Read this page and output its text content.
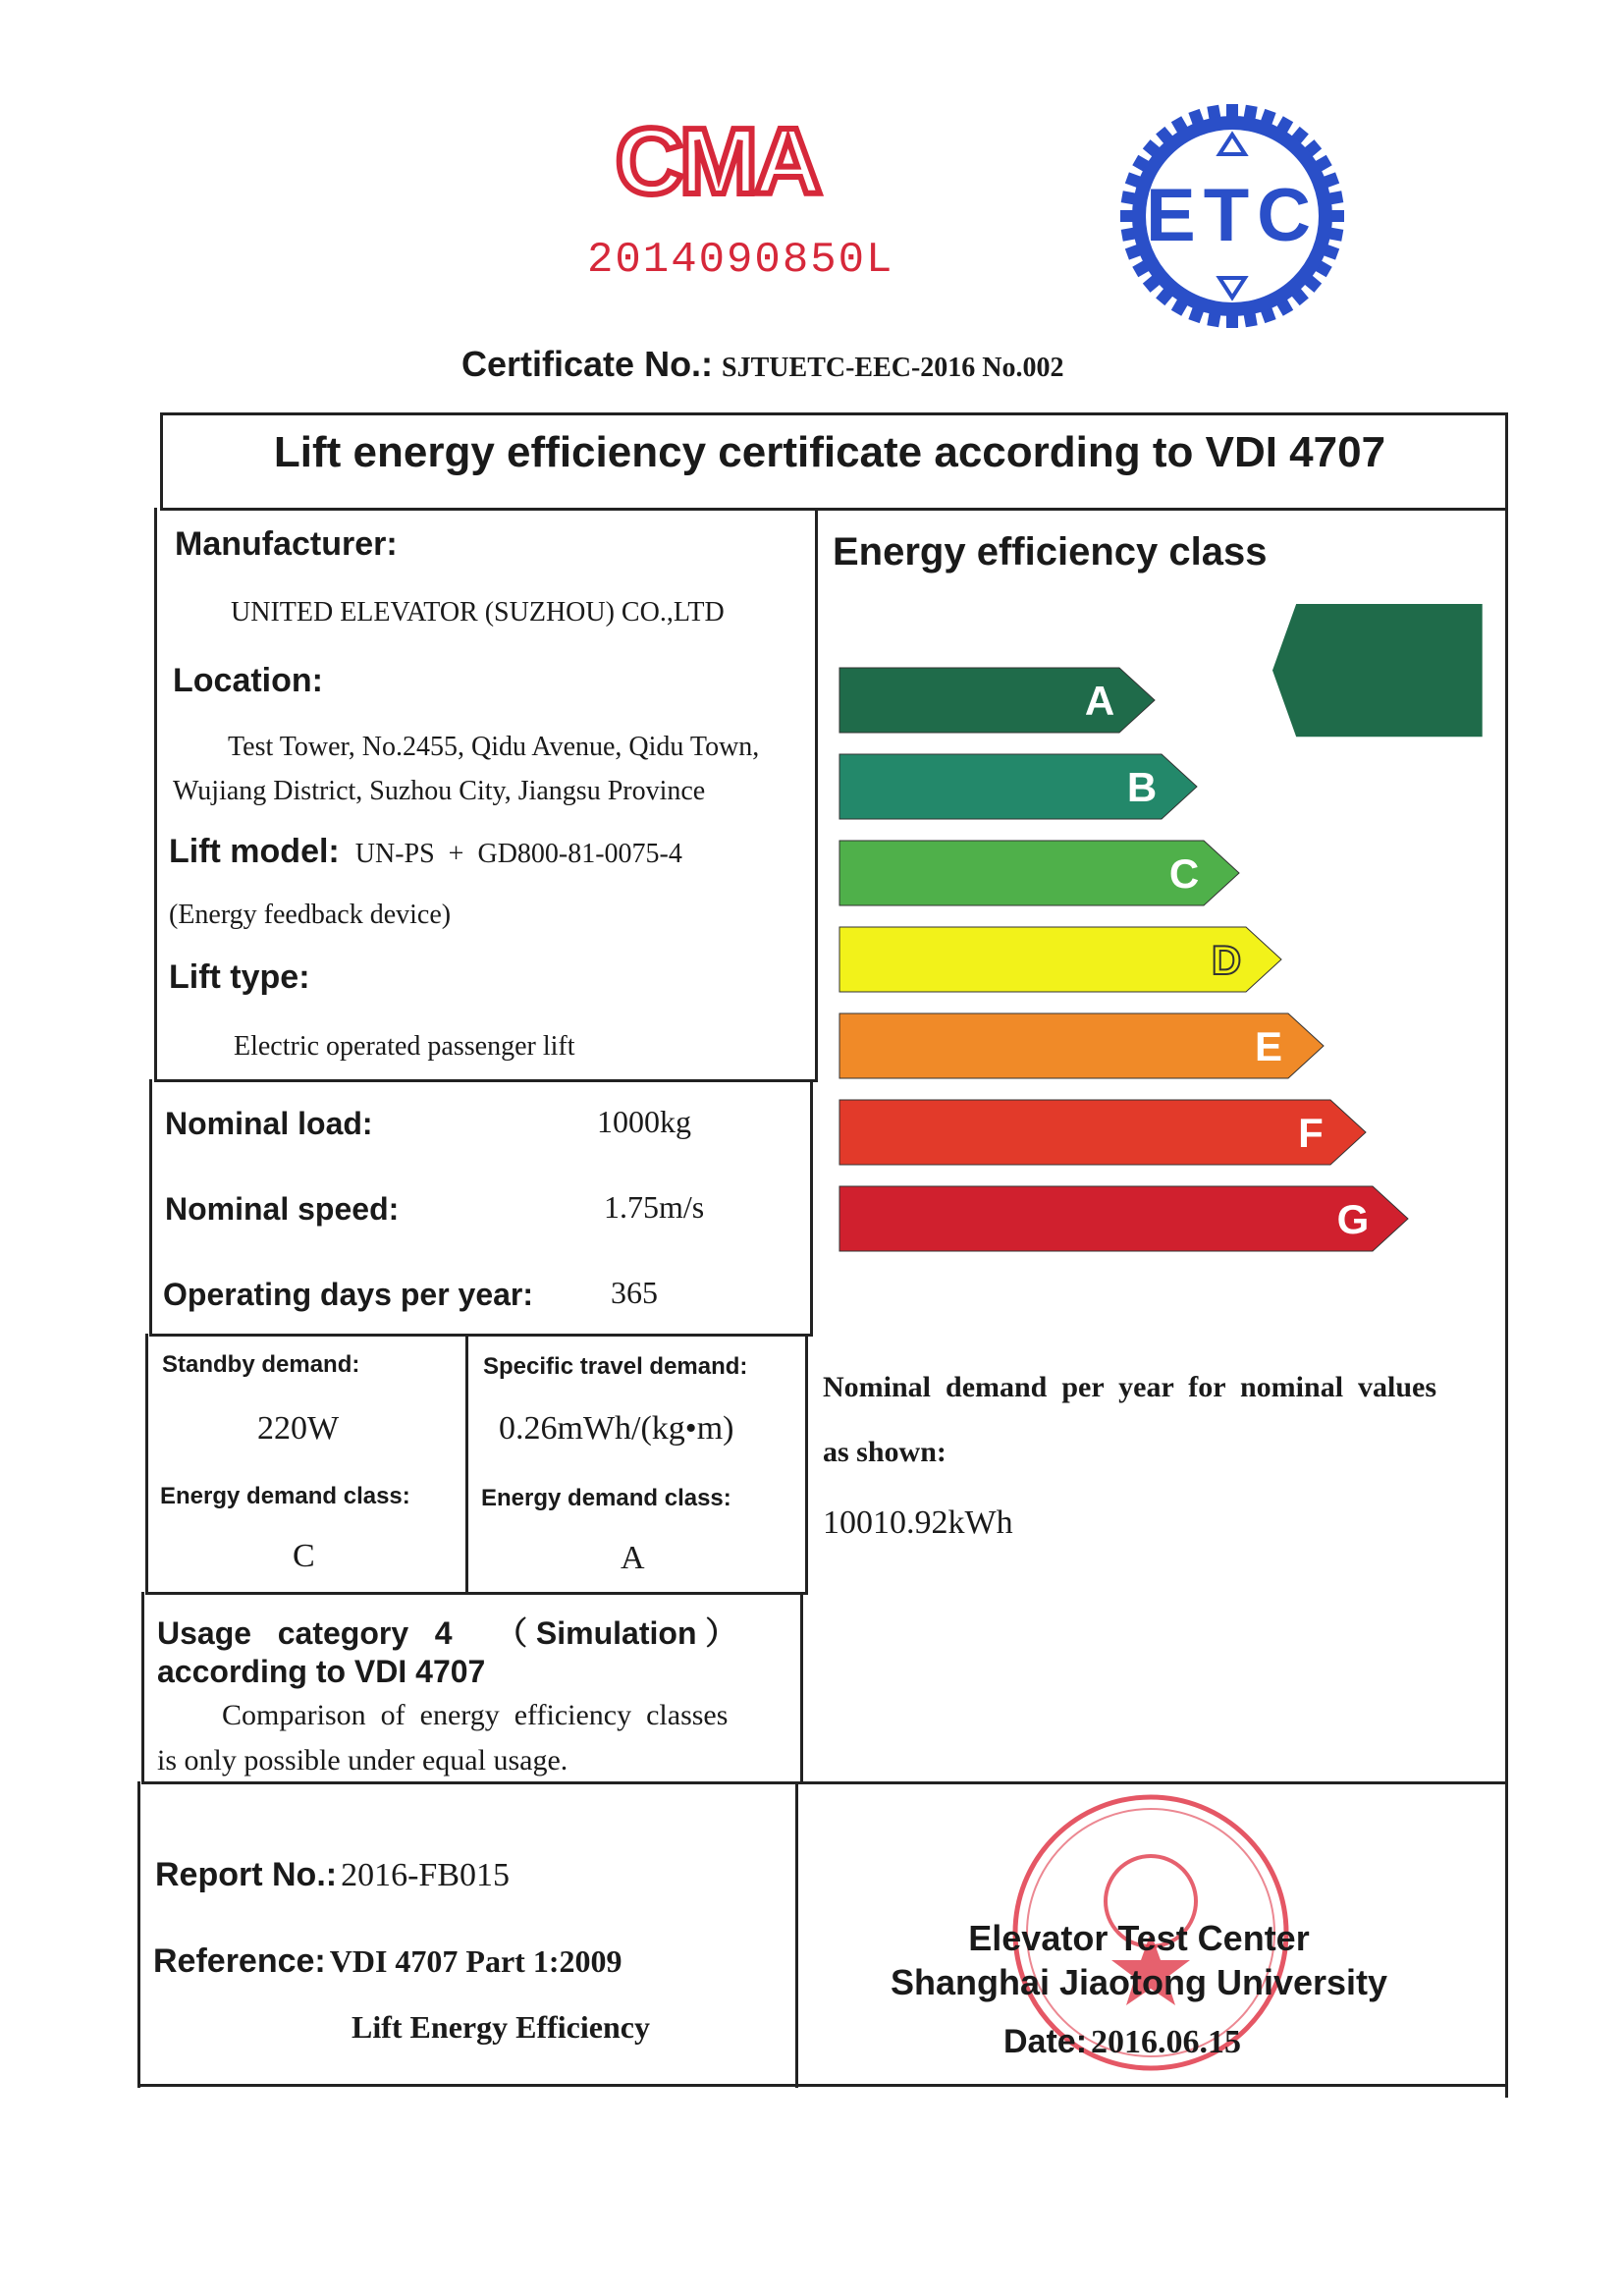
CMA
2014090850L
ETC
Certificate No.: SJTUETC-EEC-2016 No.002
Lift energy efficiency certificate according to VDI 4707
Manufacturer:
UNITED ELEVATOR (SUZHOU) CO.,LTD
Location:
Test Tower, No.2455, Qidu Avenue, Qidu Town,
Wujiang District, Suzhou City, Jiangsu Province
Lift model: UN-PS  +  GD800-81-0075-4
(Energy feedback device)
Lift type:
Electric operated passenger lift
Nominal load:	1000kg
Nominal speed:	1.75m/s
Operating days per year: 365
Standby demand:
220W
Energy demand class:
C
Specific travel demand:
0.26mWh/(kg•m)
Energy demand class:
A
Usage   category   4     （ Simulation ）
according to VDI 4707
Comparison  of  energy  efficiency  classes
is only possible under equal usage.
Energy efficiency class
A
B
C
D
E
F
G
A
Nominal  demand  per  year  for  nominal  values
as shown:
10010.92kWh
Report No.: 2016-FB015
Reference: VDI 4707 Part 1:2009
Lift Energy Efficiency
Elevator Test Center
Shanghai Jiaotong University
Date: 2016.06.15
